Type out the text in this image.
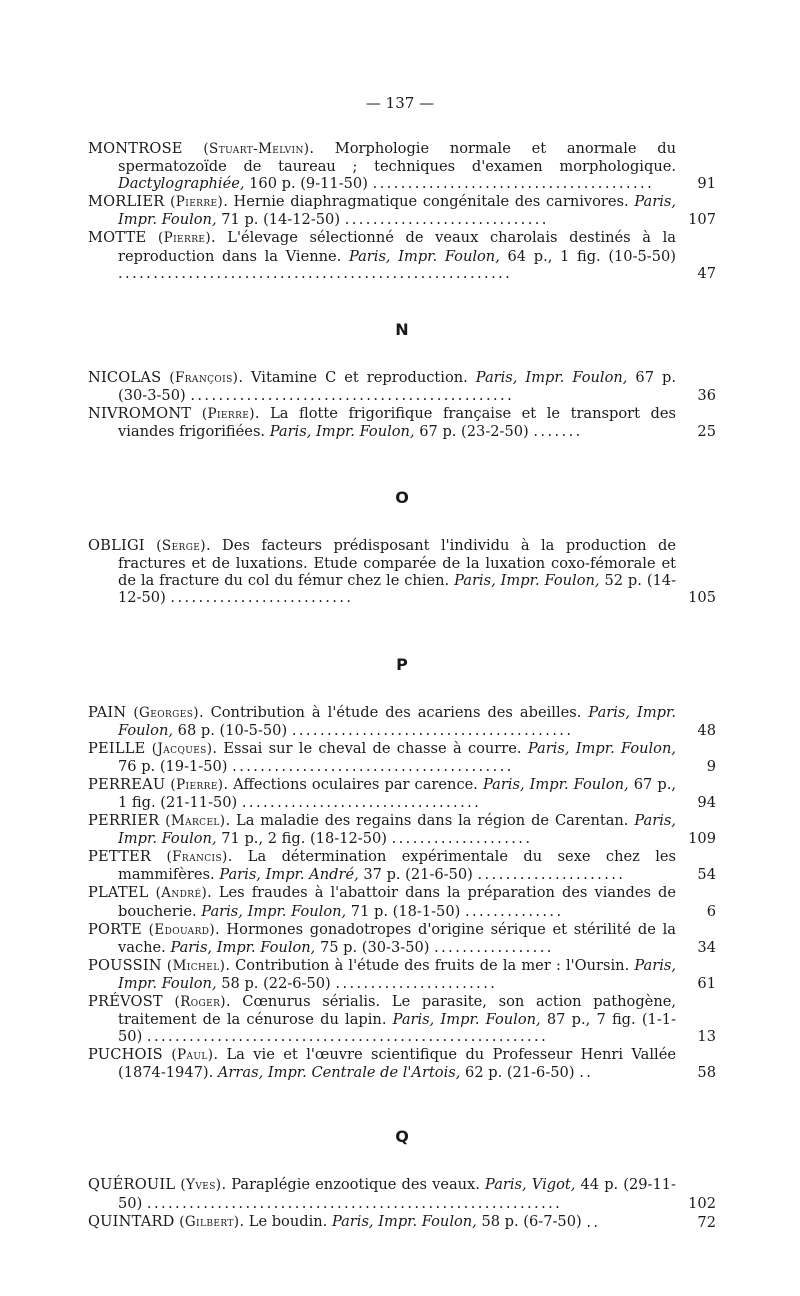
— 137 —
MONTROSE (Stuart-Melvin). Morphologie normale et anormale du spermatozoïde de taureau ; techniques d'examen morphologique. Dactylographiée, 160 p. (9-11-50) ........................................	91
MORLIER (Pierre). Hernie diaphragmatique congénitale des carnivores. Paris, Impr. Foulon, 71 p. (14-12-50) .............................	107
MOTTE (Pierre). L'élevage sélectionné de veaux charolais destinés à la reproduction dans la Vienne. Paris, Impr. Foulon, 64 p., 1 fig. (10-5-50) ........................................................	47
N
NICOLAS (François). Vitamine C et reproduction. Paris, Impr. Foulon, 67 p. (30-3-50) ..............................................	36
NIVROMONT (Pierre). La flotte frigorifique française et le transport des viandes frigorifiées. Paris, Impr. Foulon, 67 p. (23-2-50) .......	25
O
OBLIGI (Serge). Des facteurs prédisposant l'individu à la production de fractures et de luxations. Etude comparée de la luxation coxo-fémorale et de la fracture du col du fémur chez le chien. Paris, Impr. Foulon, 52 p. (14-12-50) ..........................	105
P
PAIN (Georges). Contribution à l'étude des acariens des abeilles. Paris, Impr. Foulon, 68 p. (10-5-50) ........................................	48
PEILLE (Jacques). Essai sur le cheval de chasse à courre. Paris, Impr. Foulon, 76 p. (19-1-50) ........................................	9
PERREAU (Pierre). Affections oculaires par carence. Paris, Impr. Foulon, 67 p., 1 fig. (21-11-50) ..................................	94
PERRIER (Marcel). La maladie des regains dans la région de Carentan. Paris, Impr. Foulon, 71 p., 2 fig. (18-12-50) ....................	109
PETTER (Francis). La détermination expérimentale du sexe chez les mammifères. Paris, Impr. André, 37 p. (21-6-50) .....................	54
PLATEL (André). Les fraudes à l'abattoir dans la préparation des viandes de boucherie. Paris, Impr. Foulon, 71 p. (18-1-50) ..............	6
PORTE (Edouard). Hormones gonadotropes d'origine sérique et stérilité de la vache. Paris, Impr. Foulon, 75 p. (30-3-50) .................	34
POUSSIN (Michel). Contribution à l'étude des fruits de la mer : l'Oursin. Paris, Impr. Foulon, 58 p. (22-6-50) .......................	61
PRÉVOST (Roger). Cœnurus sérialis. Le parasite, son action pathogène, traitement de la cénurose du lapin. Paris, Impr. Foulon, 87 p., 7 fig. (1-1-50) .........................................................	13
PUCHOIS (Paul). La vie et l'œuvre scientifique du Professeur Henri Vallée (1874-1947). Arras, Impr. Centrale de l'Artois, 62 p. (21-6-50) ..	58
Q
QUÉROUIL (Yves). Paraplégie enzootique des veaux. Paris, Vigot, 44 p. (29-11-50) ...........................................................	102
QUINTARD (Gilbert). Le boudin. Paris, Impr. Foulon, 58 p. (6-7-50) ..	72
